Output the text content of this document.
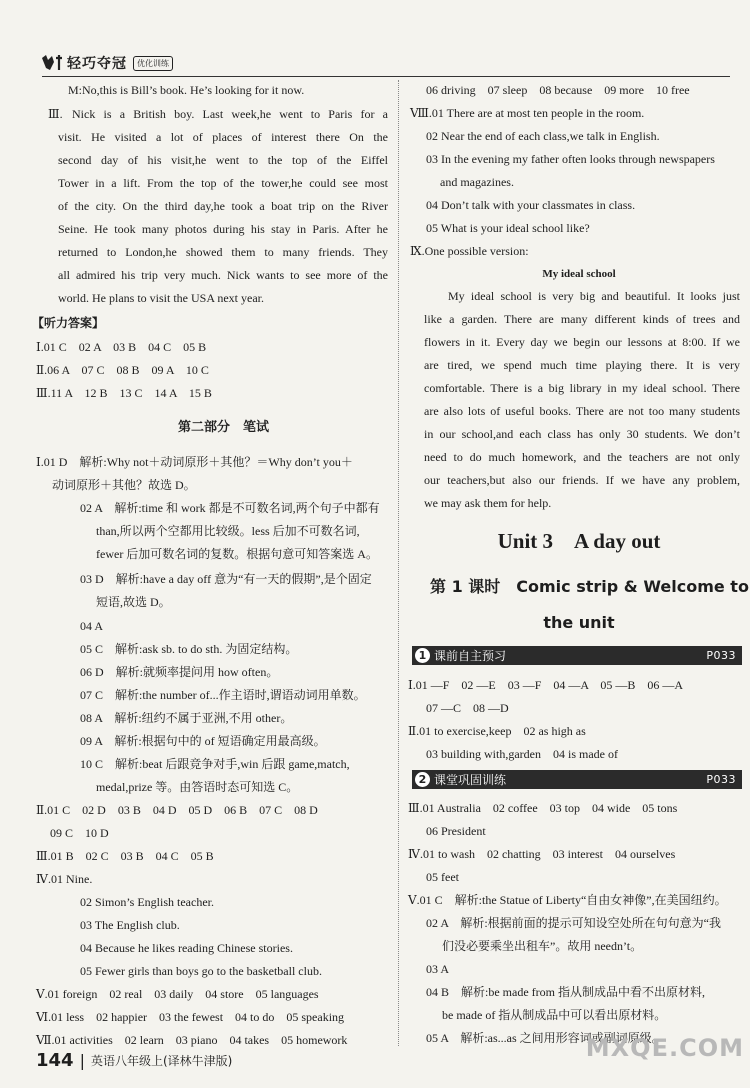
轻巧夺冠	优化训练
M:No,this is Bill’s book. He’s looking for it now.
Ⅲ. Nick is a British boy. Last week,he went to Paris for a
visit. He visited a lot of places of interest there On the
second day of his visit,he went to the top of the Eiffel
Tower in a lift. From the top of the tower,he could see most
of the city. On the third day,he took a boat trip on the River
Seine. He took many photos during his stay in Paris. After he
returned to London,he showed them to many friends. They
all admired his trip very much. Nick wants to see more of the
world. He plans to visit the USA next year.
【听力答案】
Ⅰ.01 C　02 A　03 B　04 C　05 B
Ⅱ.06 A　07 C　08 B　09 A　10 C
Ⅲ.11 A　12 B　13 C　14 A　15 B
第二部分　笔试
Ⅰ.01 D　解析:Why not＋动词原形＋其他？＝Why don’t you＋
动词原形＋其他？故选 D。
02 A　解析:time 和 work 都是不可数名词,两个句子中都有
than,所以两个空都用比较级。less 后加不可数名词,
fewer 后加可数名词的复数。根据句意可知答案选 A。
03 D　解析:have a day off 意为“有一天的假期”,是个固定
短语,故选 D。
04 A
05 C　解析:ask sb. to do sth. 为固定结构。
06 D　解析:就频率提问用 how often。
07 C　解析:the number of...作主语时,谓语动词用单数。
08 A　解析:纽约不属于亚洲,不用 other。
09 A　解析:根据句中的 of 短语确定用最高级。
10 C　解析:beat 后跟竞争对手,win 后跟 game,match,
medal,prize 等。由答语时态可知选 C。
Ⅱ.01 C　02 D　03 B　04 D　05 D　06 B　07 C　08 D
09 C　10 D
Ⅲ.01 B　02 C　03 B　04 C　05 B
Ⅳ.01 Nine.
02 Simon’s English teacher.
03 The English club.
04 Because he likes reading Chinese stories.
05 Fewer girls than boys go to the basketball club.
Ⅴ.01 foreign　02 real　03 daily　04 store　05 languages
Ⅵ.01 less　02 happier　03 the fewest　04 to do　05 speaking
Ⅶ.01 activities　02 learn　03 piano　04 takes　05 homework
06 driving　07 sleep　08 because　09 more　10 free
Ⅷ.01 There are at most ten people in the room.
02 Near the end of each class,we talk in English.
03 In the evening my father often looks through newspapers
and magazines.
04 Don’t talk with your classmates in class.
05 What is your ideal school like?
Ⅸ.One possible version:
My ideal school
My ideal school is very big and beautiful. It looks just
like a garden. There are many different kinds of trees and
flowers in it. Every day we begin our lessons at 8:00. If we
are tired, we spend much time playing there. It is very
comfortable. There is a big library in my ideal school. There
are also lots of useful books. There are not too many students
in our school,and each class has only 30 students. We don’t
need to do much homework, and the teachers are not only
our teachers,but also our friends. If we have any problem,
we may ask them for help.
Unit 3　A day out
第 1 课时　Comic strip & Welcome to
the unit
Ⅰ.01 —F　02 —E　03 —F　04 —A　05 —B　06 —A
07 —C　08 —D
Ⅱ.01 to exercise,keep　02 as high as
03 building with,garden　04 is made of
Ⅲ.01 Australia　02 coffee　03 top　04 wide　05 tons
06 President
Ⅳ.01 to wash　02 chatting　03 interest　04 ourselves
05 feet
Ⅴ.01 C　解析:the Statue of Liberty“自由女神像”,在美国纽约。
02 A　解析:根据前面的提示可知设空处所在句句意为“我
们没必要乘坐出租车”。故用 needn’t。
03 A
04 B　解析:be made from 指从制成品中看不出原材料,
be made of 指从制成品中可以看出原材料。
05 A　解析:as...as 之间用形容词或副词原级。
1 课前自主预习	P033
2 课堂巩固训练	P033
144 | 英语八年级上(译林牛津版)	MXQE.COM
